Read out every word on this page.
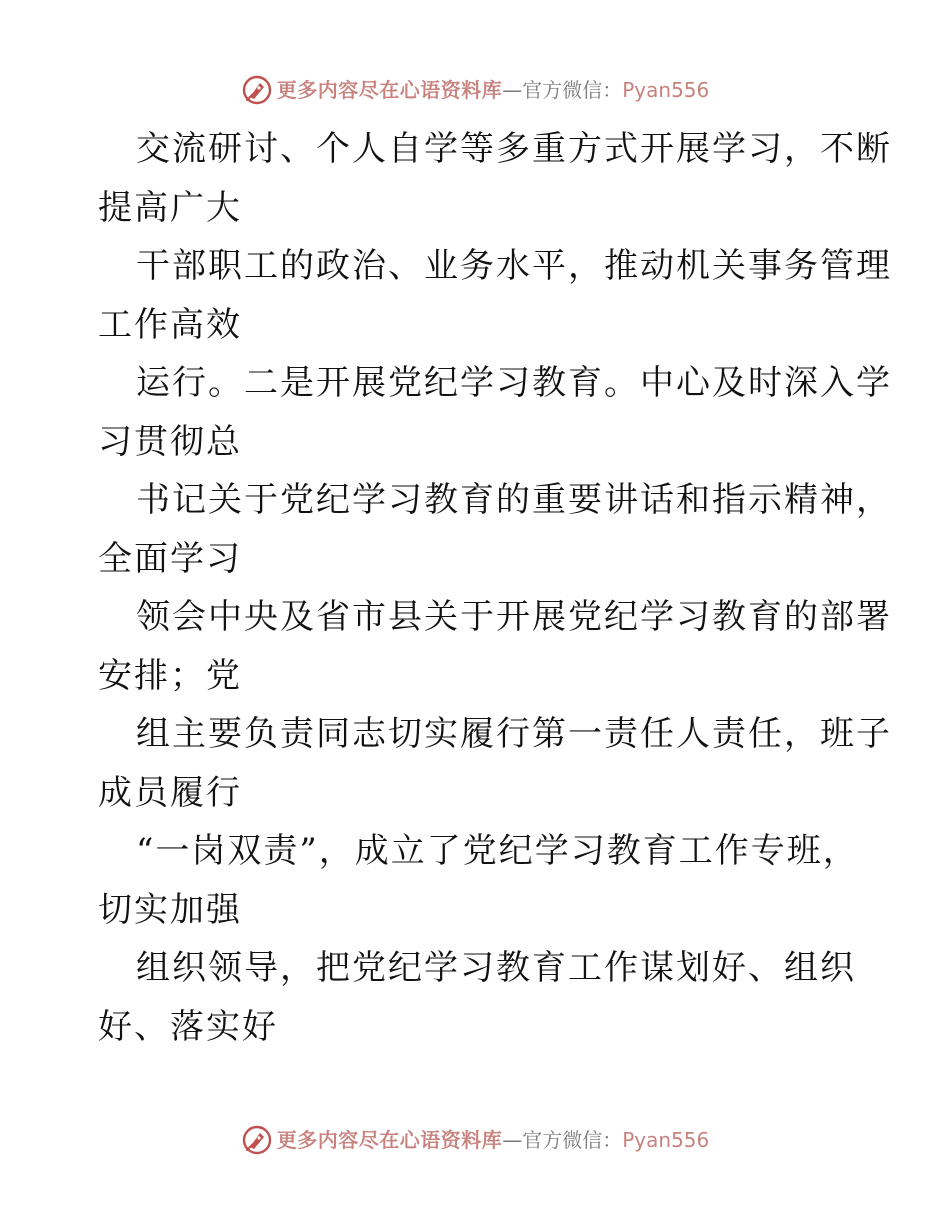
更多内容尽在心语资料库 —官方微信：Pyan556
交流研讨、个人自学等多重方式开展学习，不断
提高广大
干部职工的政治、业务水平，推动机关事务管理
工作高效
运行。二是开展党纪学习教育。中心及时深入学
习贯彻总
书记关于党纪学习教育的重要讲话和指示精神，
全面学习
领会中央及省市县关于开展党纪学习教育的部署
安排；党
组主要负责同志切实履行第一责任人责任，班子
成员履行
“一岗双责”，成立了党纪学习教育工作专班，
切实加强
组织领导，把党纪学习教育工作谋划好、组织
好、落实好
更多内容尽在心语资料库 —官方微信：Pyan556
